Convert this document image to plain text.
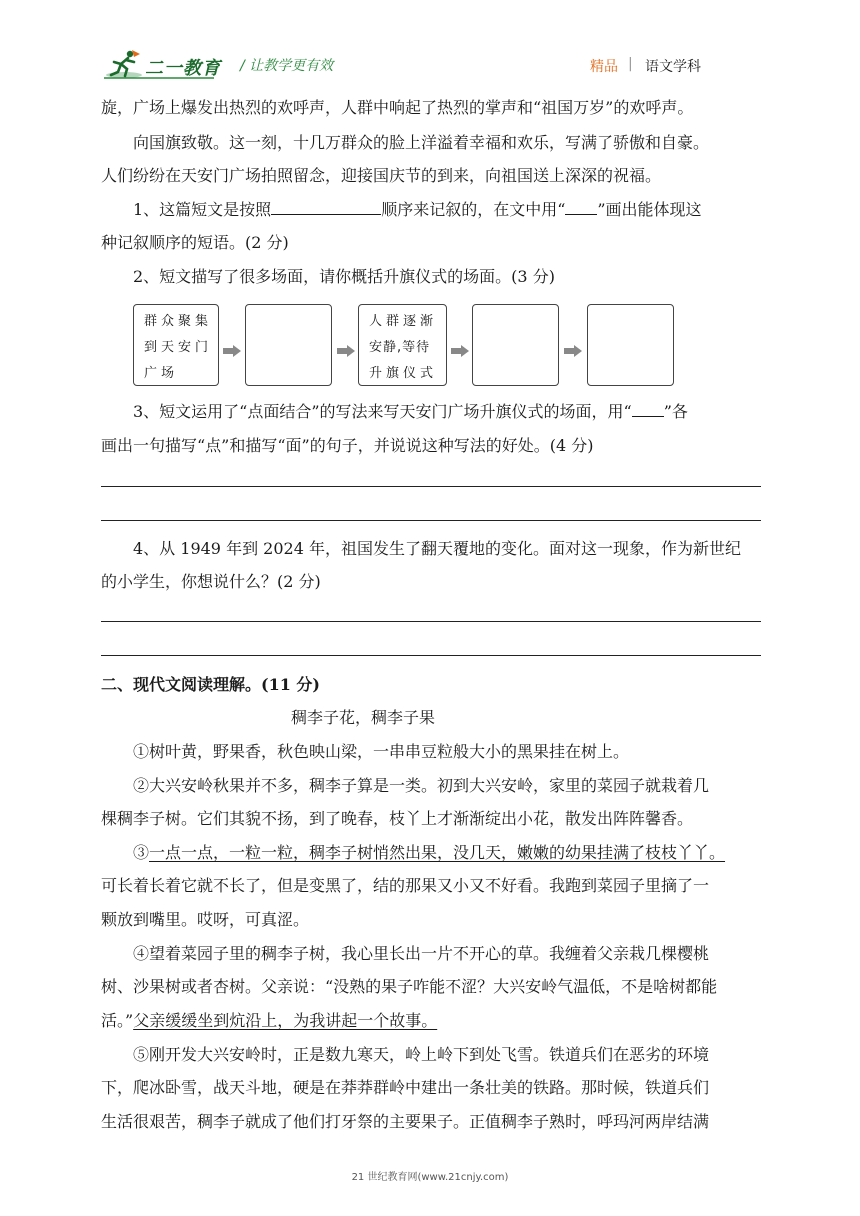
二一教育 / 让教学更有效	精品 | 语文学科
旋，广场上爆发出热烈的欢呼声，人群中响起了热烈的掌声和“祖国万岁”的欢呼声。
向国旗致敬。这一刻，十几万群众的脸上洋溢着幸福和欢乐，写满了骄傲和自豪。
人们纷纷在天安门广场拍照留念，迎接国庆节的到来，向祖国送上深深的祝福。
1、这篇短文是按照	顺序来记叙的，在文中用“ ”画出能体现这
种记叙顺序的短语。(2 分)
2、短文描写了很多场面，请你概括升旗仪式的场面。(3 分)
群众聚集
到天安门
广场
人群逐渐
安静,等待
升旗仪式
3、短文运用了“点面结合”的写法来写天安门广场升旗仪式的场面，用“ ”各
画出一句描写“点”和描写“面”的句子，并说说这种写法的好处。(4 分)
4、从 1949 年到 2024 年，祖国发生了翻天覆地的变化。面对这一现象，作为新世纪
的小学生，你想说什么？(2 分)
二、现代文阅读理解。(11 分)
稠李子花，稠李子果
①树叶黄，野果香，秋色映山梁，一串串豆粒般大小的黑果挂在树上。
②大兴安岭秋果并不多，稠李子算是一类。初到大兴安岭，家里的菜园子就栽着几
棵稠李子树。它们其貌不扬，到了晚春，枝丫上才渐渐绽出小花，散发出阵阵馨香。
③一点一点，一粒一粒，稠李子树悄然出果，没几天，嫩嫩的幼果挂满了枝枝丫丫。
可长着长着它就不长了，但是变黑了，结的那果又小又不好看。我跑到菜园子里摘了一
颗放到嘴里。哎呀，可真涩。
④望着菜园子里的稠李子树，我心里长出一片不开心的草。我缠着父亲栽几棵樱桃
树、沙果树或者杏树。父亲说：“没熟的果子咋能不涩？大兴安岭气温低，不是啥树都能
活。”父亲缓缓坐到炕沿上，为我讲起一个故事。
⑤刚开发大兴安岭时，正是数九寒天，岭上岭下到处飞雪。铁道兵们在恶劣的环境
下，爬冰卧雪，战天斗地，硬是在莽莽群岭中建出一条壮美的铁路。那时候，铁道兵们
生活很艰苦，稠李子就成了他们打牙祭的主要果子。正值稠李子熟时，呼玛河两岸结满
21 世纪教育网(www.21cnjy.com)
